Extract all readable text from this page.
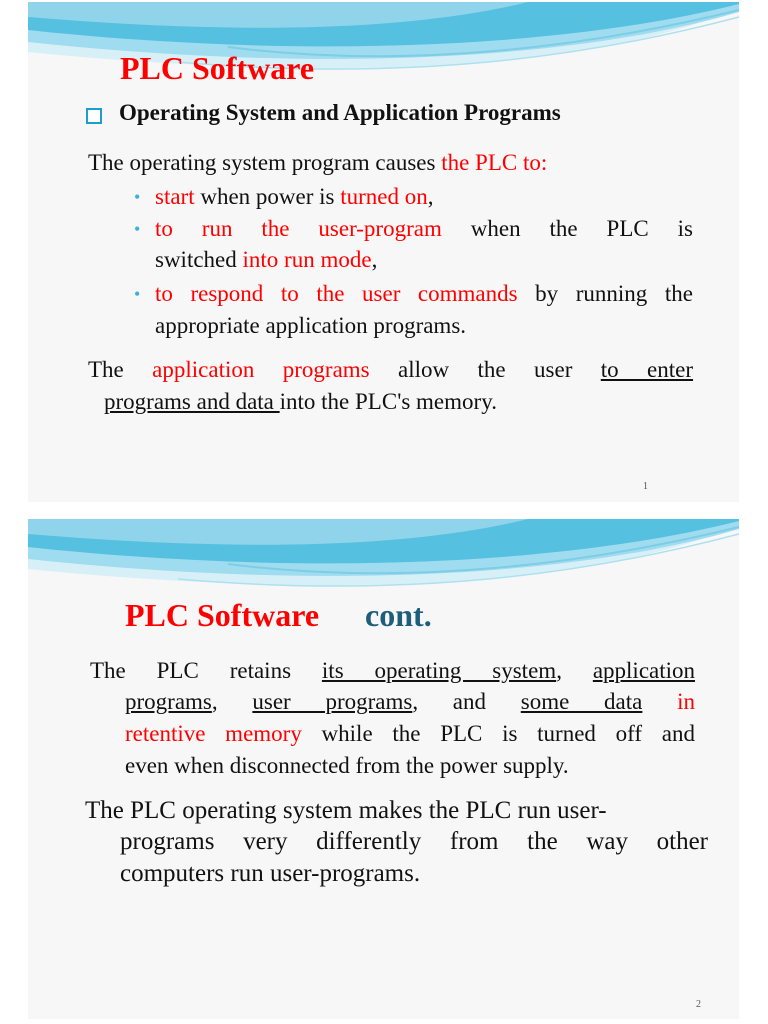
PLC Software
Operating System and Application Programs
The operating system program causes the PLC to:
• start when power is turned on,
• to run the user-program when the PLC is
switched into run mode,
• to respond to the user commands by running the
appropriate application programs.
The application programs allow the user to enter
programs and data into the PLC's memory.
1
PLC Software cont.
The PLC retains its operating system, application
programs, user programs, and some data in
retentive memory while the PLC is turned off and
even when disconnected from the power supply.
The PLC operating system makes the PLC run user-
programs very differently from the way other
computers run user-programs.
2
